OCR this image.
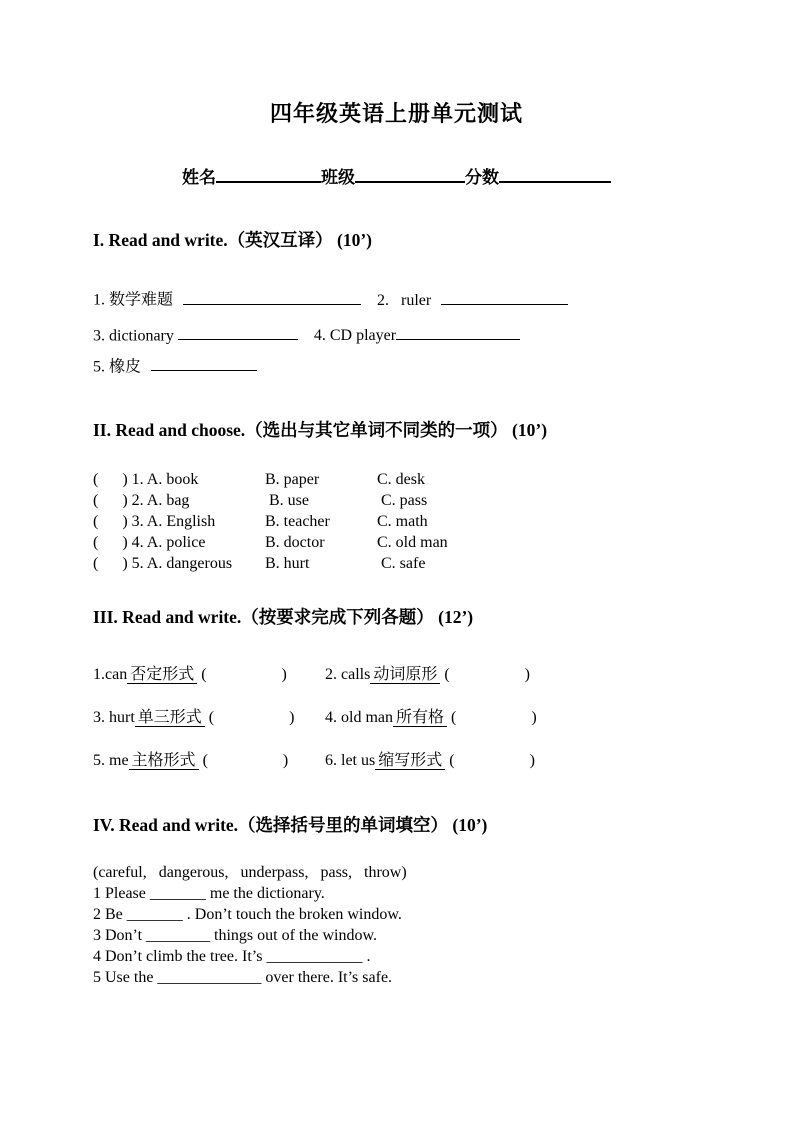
四年级英语上册单元测试
姓名	班级	分数
I. Read and write.（英汉互译） (10’)
1. 数学难题	2.   ruler
3. dictionary	4. CD player
5. 橡皮
II. Read and choose.（选出与其它单词不同类的一项） (10’)
(      ) 1. A. book	B. paper	C. desk
(      ) 2. A. bag	B. use	C. pass
(      ) 3. A. English	B. teacher	C. math
(      ) 4. A. police	B. doctor	C. old man
(      ) 5. A. dangerous	B. hurt	C. safe
III. Read and write.（按要求完成下列各题） (12’)
1.can 否定形式 (	) 2. calls 动词原形 (	)
3. hurt 单三形式 (	) 4. old man 所有格 (	)
5. me 主格形式 (	) 6. let us 缩写形式 (	)
IV. Read and write.（选择括号里的单词填空） (10’)
(careful,   dangerous,   underpass,   pass,   throw)
1 Please _______ me the dictionary.
2 Be _______ . Don’t touch the broken window.
3 Don’t ________ things out of the window.
4 Don’t climb the tree. It’s ____________ .
5 Use the _____________ over there. It’s safe.
